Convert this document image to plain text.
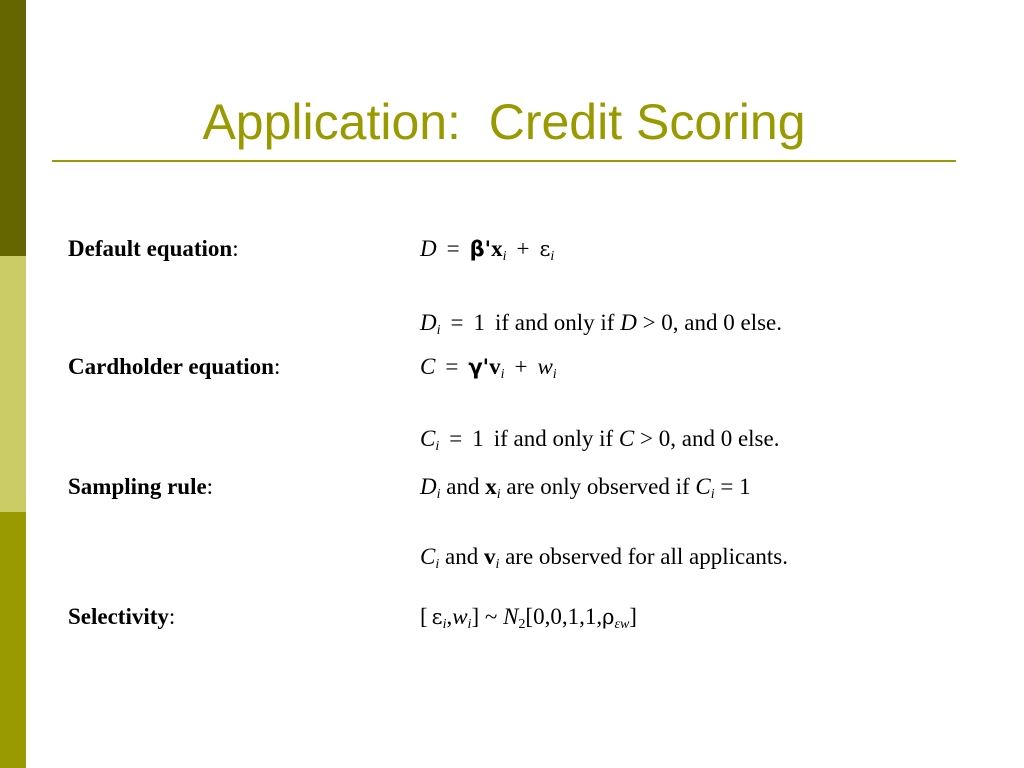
Application:  Credit Scoring
Default equation:	$D = \beta'x_i + \varepsilon_i$
$D_i = 1$ if and only if D > 0, and 0 else.
Cardholder equation:	$C = \gamma'v_i + w_i$
$C_i = 1$ if and only if C > 0, and 0 else.
Sampling rule:	$D_i$ and $x_i$ are only observed if $C_i = 1$
$C_i$ and $v_i$ are observed for all applicants.
Selectivity:	[ $\varepsilon_i,w_i$] ~ $N_2[0,0,1,1,\rho_{\varepsilon w}]$
